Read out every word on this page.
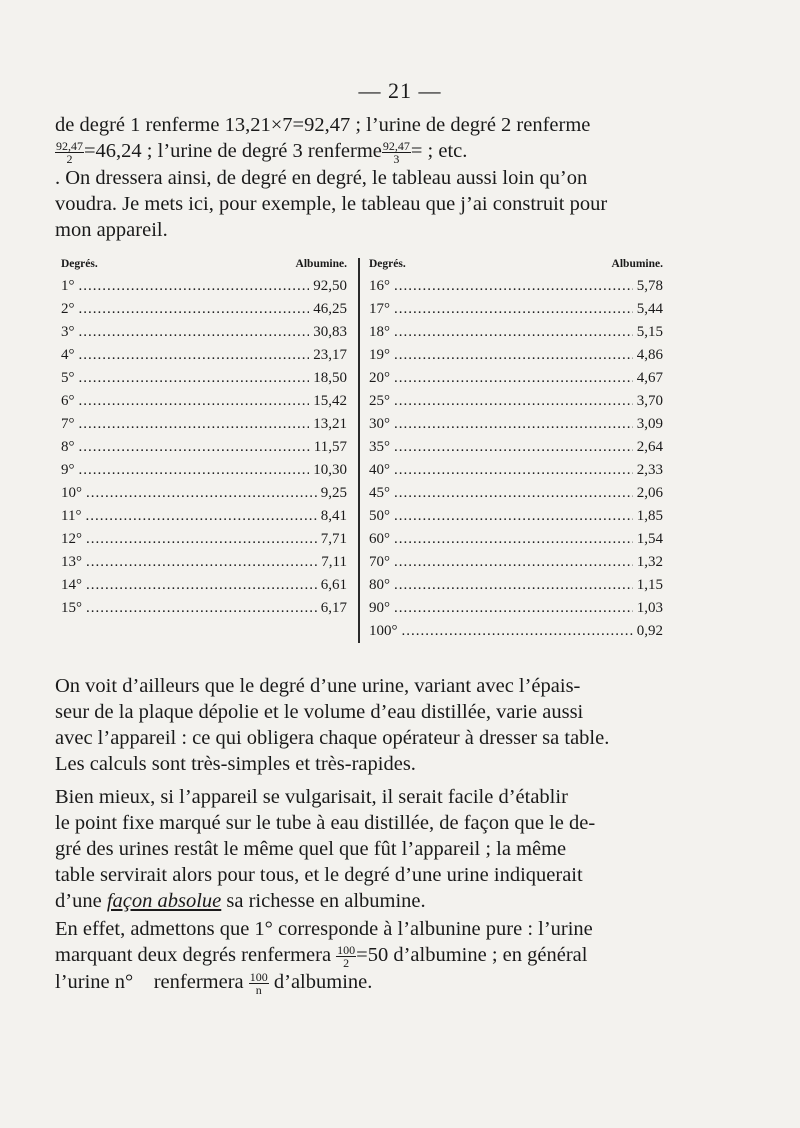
— 21 —
de degré 1 renferme 13,21×7=92,47 ; l’urine de degré 2 renferme
$\frac{92,47}{2} =46,24$ ; l’urine de degré 3 renferme $\frac{92,47}{3}$ = ; etc.
. On dressera ainsi, de degré en degré, le tableau aussi loin qu’on
voudra. Je mets ici, pour exemple, le tableau que j’ai construit pour
mon appareil.
Degrés.	Albumine.
1° .....	92,50
2° .....	46,25
3° .....	30,83
4° .....	23,17
5° .....	18,50
6° .....	15,42
7° .....	13,21
8° .....	11,57
9° .....	10,30
10° .....	9,25
11° .....	8,41
12° .....	7,71
13° .....	7,11
14° .....	6,61
15° .....	6,17
Degrés.	Albumine.
16° .....	5,78
17° .....	5,44
18° .....	5,15
19° .....	4,86
20° .....	4,67
25° .....	3,70
30° .....	3,09
35° .....	2,64
40° .....	2,33
45° .....	2,06
50° .....	1,85
60° .....	1,54
70° .....	1,32
80° .....	1,15
90° .....	1,03
100° .....	0,92
On voit d’ailleurs que le degré d’une urine, variant avec l’épais-
seur de la plaque dépolie et le volume d’eau distillée, varie aussi
avec l’appareil : ce qui obligera chaque opérateur à dresser sa table.
Les calculs sont très-simples et très-rapides.
Bien mieux, si l’appareil se vulgarisait, il serait facile d’établir
le point fixe marqué sur le tube à eau distillée, de façon que le de-
gré des urines restât le même quel que fût l’appareil ; la même
table servirait alors pour tous, et le degré d’une urine indiquerait
d’une façon absolue sa richesse en albumine.
En effet, admettons que 1° corresponde à l’albunine pure : l’urine
marquant deux degrés renfermera $\frac{100}{2} =50$ d’albumine ; en général
l’urine n° renfermera $\frac{100}{n}$ d’albumine.
